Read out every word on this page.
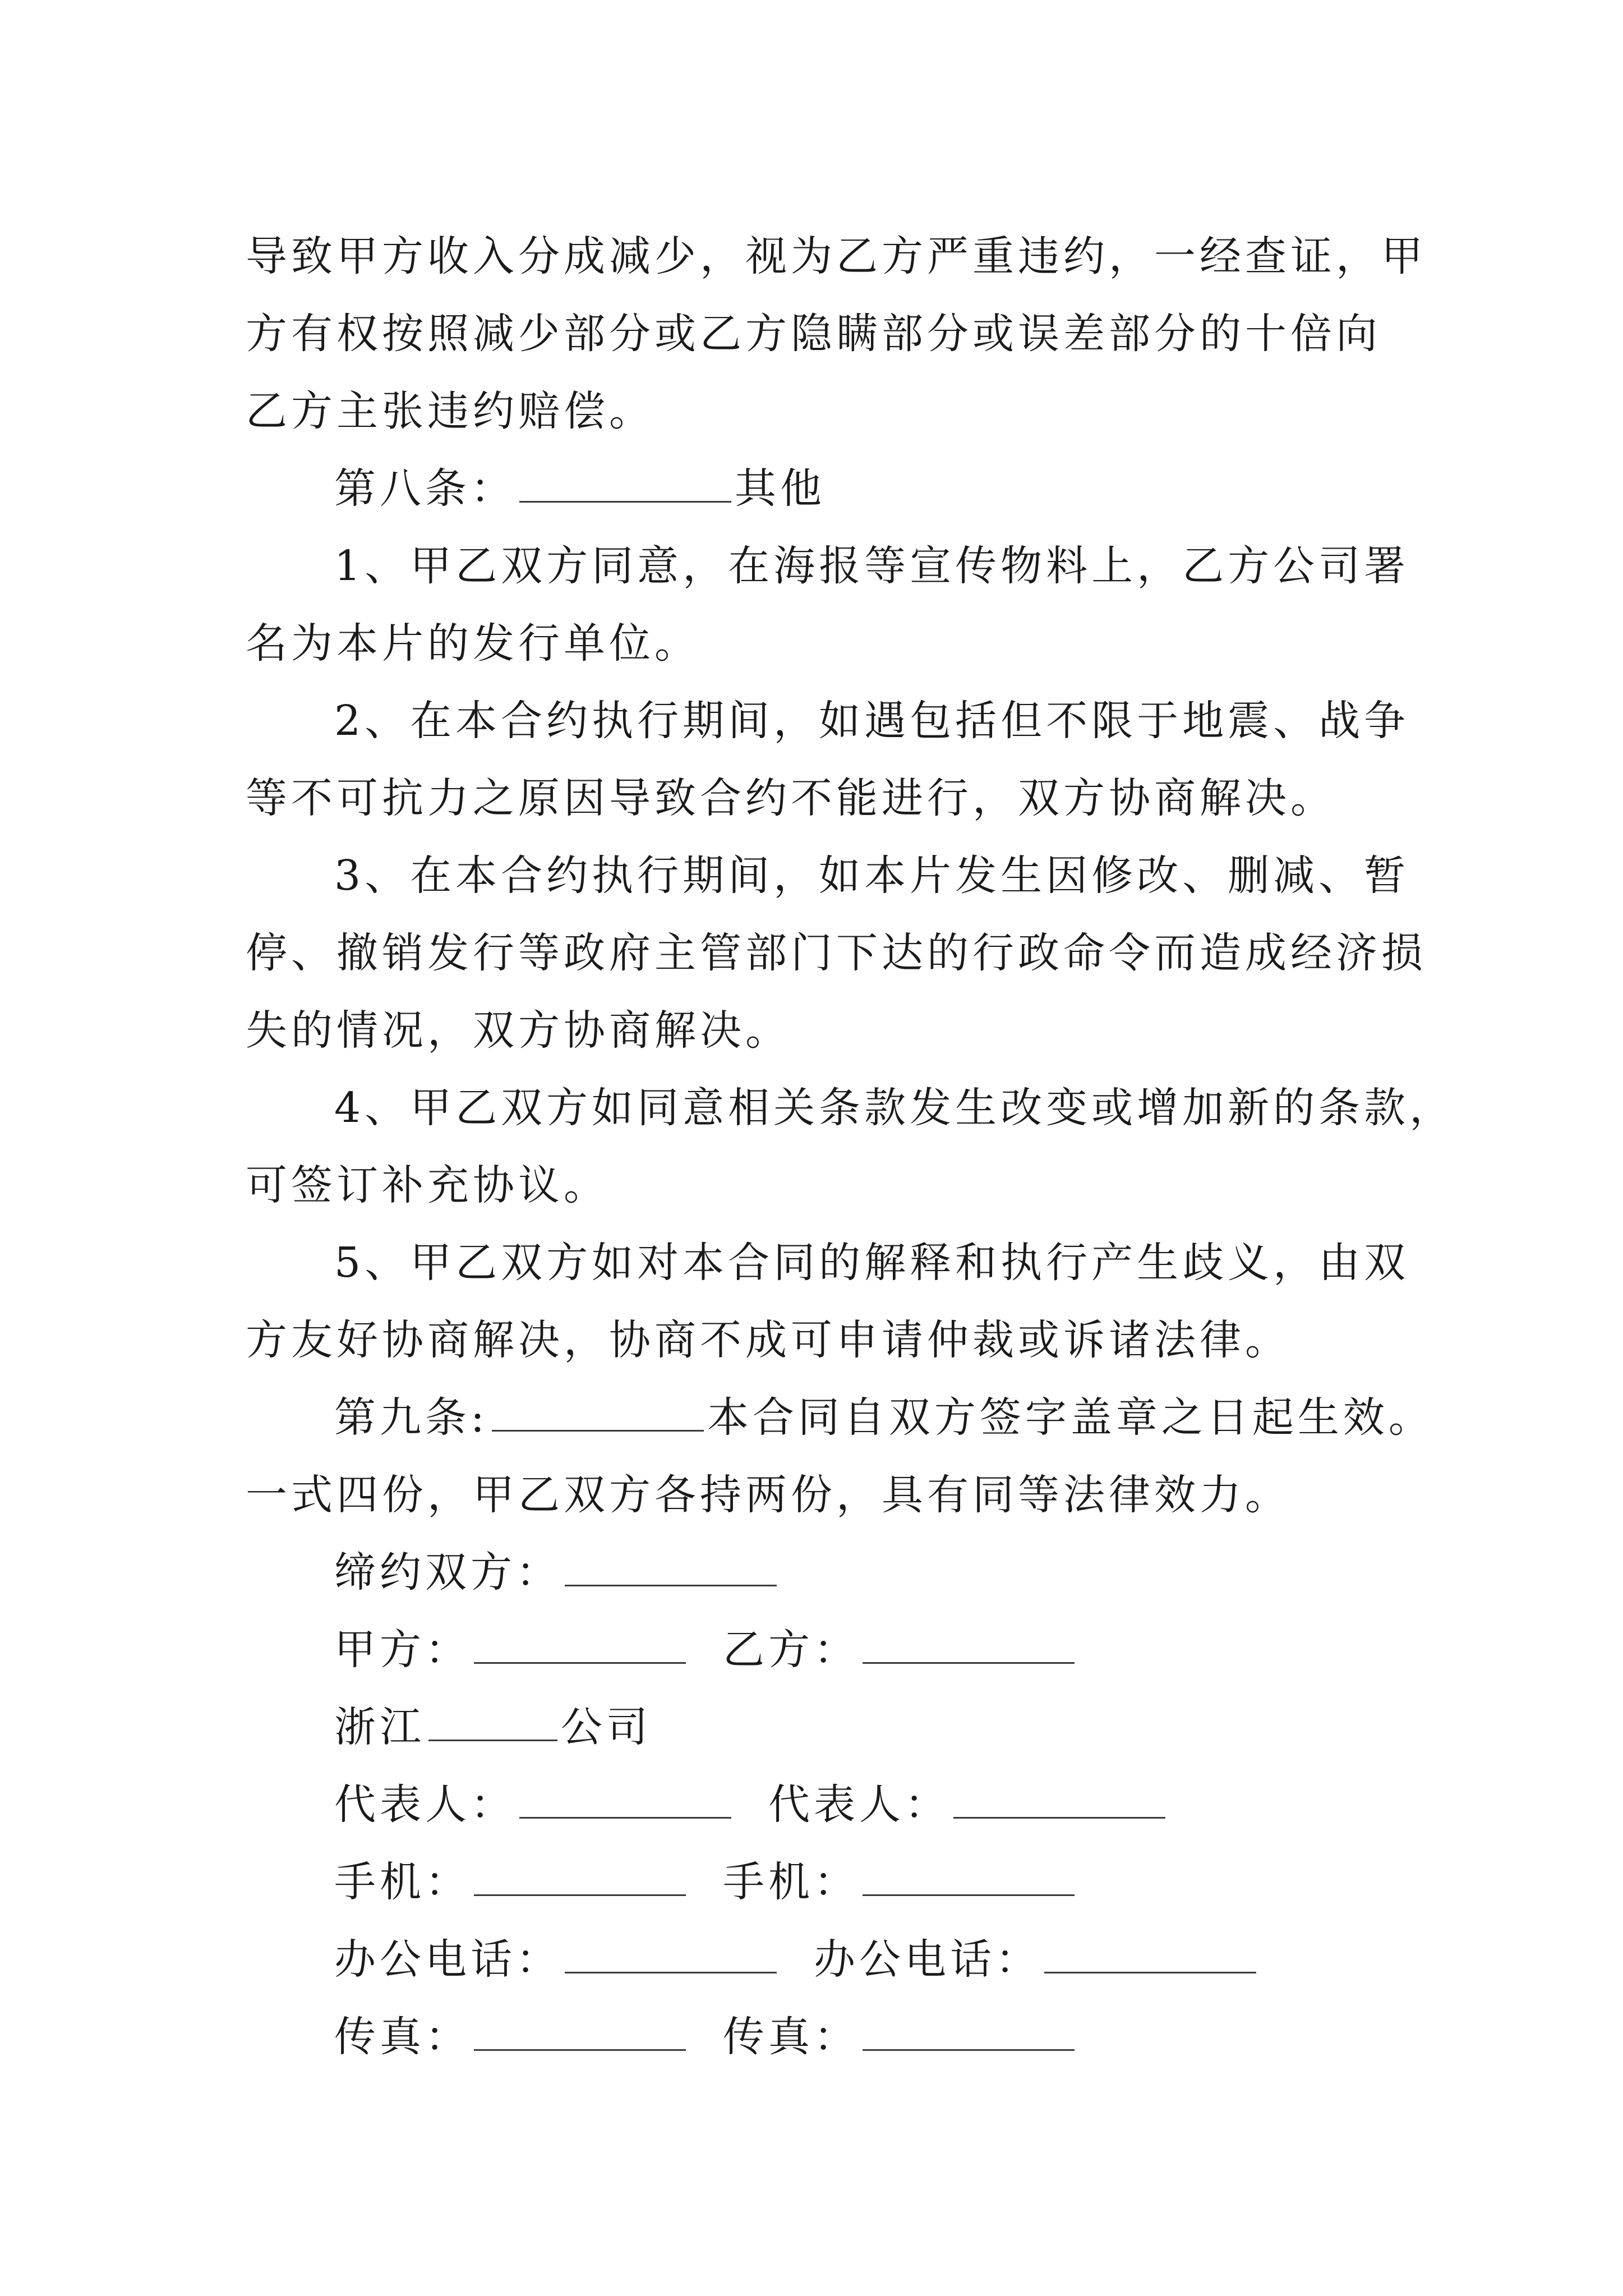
导致甲方收入分成减少，视为乙方严重违约，一经查证，甲
方有权按照减少部分或乙方隐瞒部分或误差部分的十倍向
乙方主张违约赔偿。
第八条：	其他
1、甲乙双方同意，在海报等宣传物料上，乙方公司署
名为本片的发行单位。
2、在本合约执行期间，如遇包括但不限于地震、战争
等不可抗力之原因导致合约不能进行，双方协商解决。
3、在本合约执行期间，如本片发生因修改、删减、暂
停、撤销发行等政府主管部门下达的行政命令而造成经济损
失的情况，双方协商解决。
4、甲乙双方如同意相关条款发生改变或增加新的条款，
可签订补充协议。
5、甲乙双方如对本合同的解释和执行产生歧义，由双
方友好协商解决，协商不成可申请仲裁或诉诸法律。
第九条:	本合同自双方签字盖章之日起生效。
一式四份，甲乙双方各持两份，具有同等法律效力。
缔约双方：
甲方：	乙方：
浙江	公司
代表人：	代表人：
手机：	手机：
办公电话：	办公电话：
传真：	传真：
